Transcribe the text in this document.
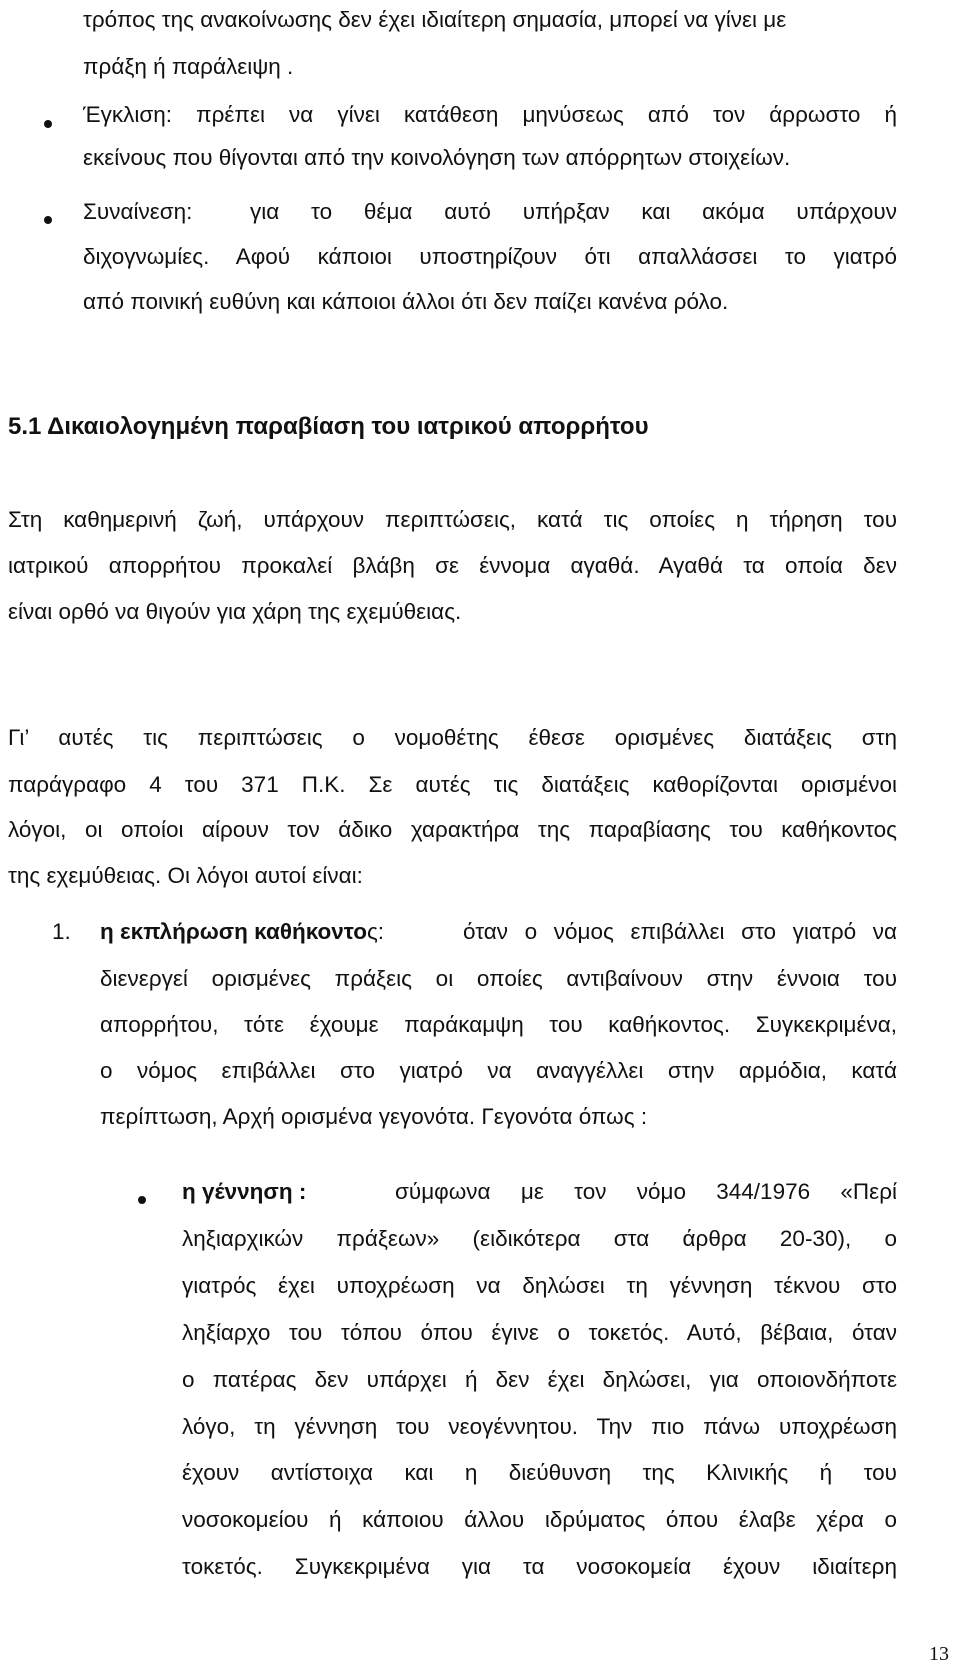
τρόπος της ανακοίνωσης δεν έχει ιδιαίτερη σημασία, μπορεί να γίνει με
πράξη ή παράλειψη .
Έγκλιση: πρέπει να γίνει κατάθεση μηνύσεως από τον άρρωστο ή
εκείνους που θίγονται από την κοινολόγηση των απόρρητων στοιχείων.
Συναίνεση:	για το θέμα αυτό υπήρξαν και ακόμα υπάρχουν
διχογνωμίες. Αφού κάποιοι υποστηρίζουν ότι απαλλάσσει το γιατρό
από ποινική ευθύνη και κάποιοι άλλοι ότι δεν παίζει κανένα ρόλο.
5.1 Δικαιολογημένη παραβίαση του ιατρικού απορρήτου
Στη καθημερινή ζωή, υπάρχουν περιπτώσεις, κατά τις οποίες η τήρηση του
ιατρικού απορρήτου προκαλεί βλάβη σε έννομα αγαθά. Αγαθά τα οποία δεν
είναι ορθό να θιγούν για χάρη της εχεμύθειας.
Γι’ αυτές τις περιπτώσεις ο νομοθέτης έθεσε ορισμένες διατάξεις στη
παράγραφο 4 του 371 Π.Κ. Σε αυτές τις διατάξεις καθορίζονται ορισμένοι
λόγοι, οι οποίοι αίρουν τον άδικο χαρακτήρα της παραβίασης του καθήκοντος
της εχεμύθειας. Οι λόγοι αυτοί είναι:
1. η εκπλήρωση καθήκοντος:	όταν ο νόμος επιβάλλει στο γιατρό να
διενεργεί ορισμένες πράξεις οι οποίες αντιβαίνουν στην έννοια του
απορρήτου, τότε έχουμε παράκαμψη του καθήκοντος. Συγκεκριμένα,
ο νόμος επιβάλλει στο γιατρό να αναγγέλλει στην αρμόδια, κατά
περίπτωση, Αρχή ορισμένα γεγονότα. Γεγονότα όπως :
η γέννηση :	σύμφωνα με τον νόμο 344/1976 «Περί
ληξιαρχικών πράξεων» (ειδικότερα στα άρθρα 20-30), ο
γιατρός έχει υποχρέωση να δηλώσει τη γέννηση τέκνου στο
ληξίαρχο του τόπου όπου έγινε ο τοκετός. Αυτό, βέβαια, όταν
ο πατέρας δεν υπάρχει ή δεν έχει δηλώσει, για οποιονδήποτε
λόγο, τη γέννηση του νεογέννητου. Την πιο πάνω υποχρέωση
έχουν αντίστοιχα και η διεύθυνση της Κλινικής ή του
νοσοκομείου ή κάποιου άλλου ιδρύματος όπου έλαβε χέρα ο
τοκετός. Συγκεκριμένα για τα νοσοκομεία έχουν ιδιαίτερη
13
